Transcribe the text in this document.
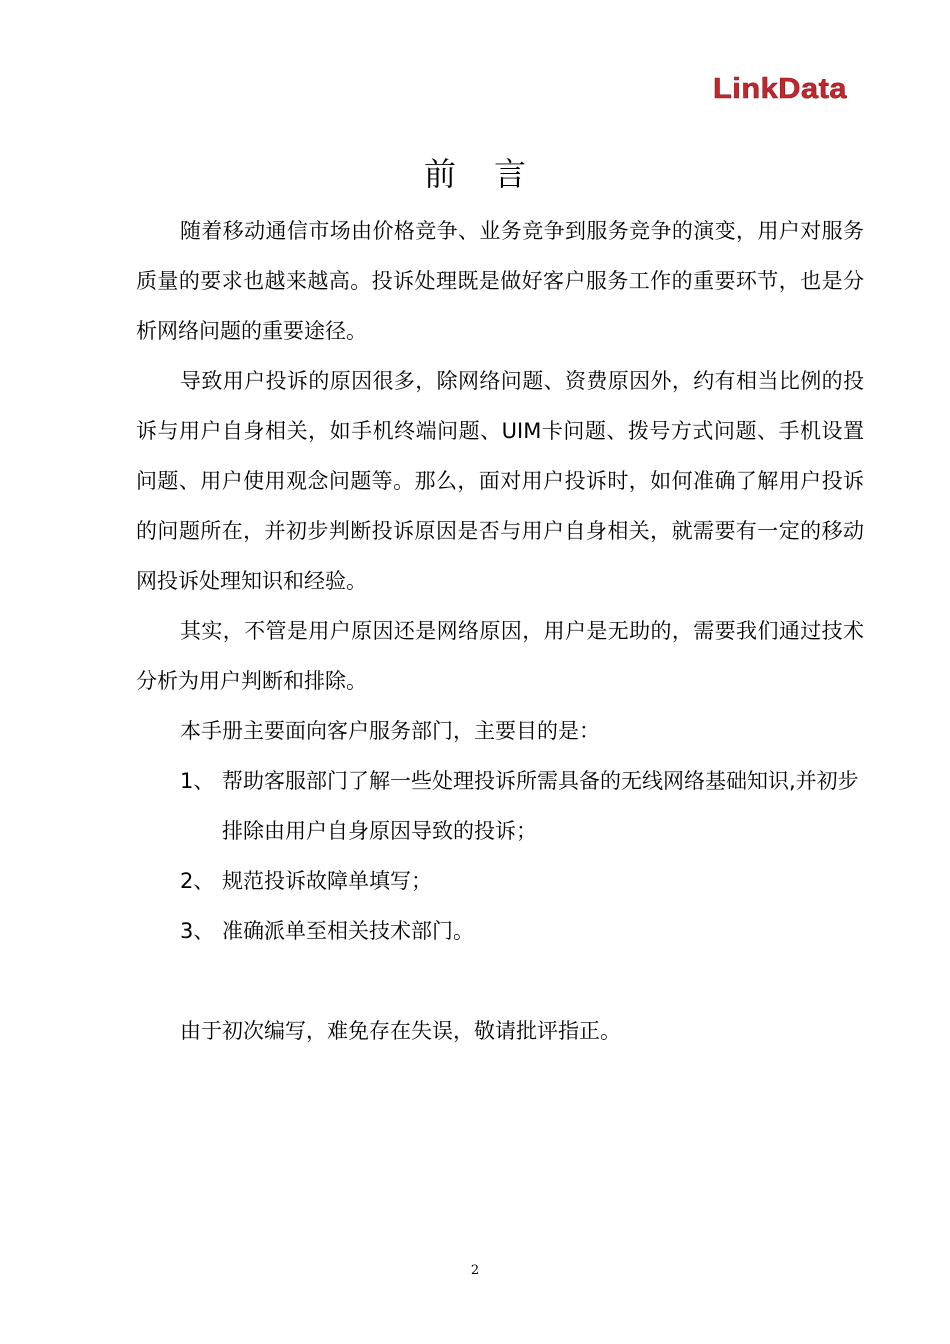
LinkData
前言

随着移动通信市场由价格竞争、业务竞争到服务竞争的演变，用户对服务质量的要求也越来越高。投诉处理既是做好客户服务工作的重要环节，也是分析网络问题的重要途径。

导致用户投诉的原因很多，除网络问题、资费原因外，约有相当比例的投诉与用户自身相关，如手机终端问题、UIM卡问题、拨号方式问题、手机设置问题、用户使用观念问题等。那么，面对用户投诉时，如何准确了解用户投诉的问题所在，并初步判断投诉原因是否与用户自身相关，就需要有一定的移动网投诉处理知识和经验。

其实，不管是用户原因还是网络原因，用户是无助的，需要我们通过技术分析为用户判断和排除。

本手册主要面向客户服务部门，主要目的是：

1、 帮助客服部门了解一些处理投诉所需具备的无线网络基础知识,并初步排除由用户自身原因导致的投诉；
2、 规范投诉故障单填写；
3、 准确派单至相关技术部门。

由于初次编写，难免存在失误，敬请批评指正。

2
